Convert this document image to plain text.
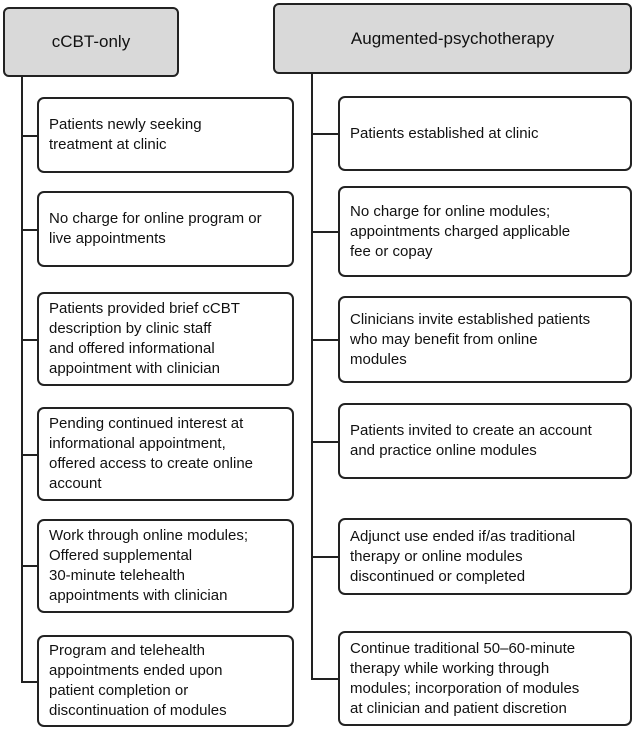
cCBT-only
Patients newly seeking
treatment at clinic
No charge for online program or
live appointments
Patients provided brief cCBT
description by clinic staff
and offered informational
appointment with clinician
Pending continued interest at
informational appointment,
offered access to create online
account
Work through online modules;
Offered supplemental
30-minute telehealth
appointments with clinician
Program and telehealth
appointments ended upon
patient completion or
discontinuation of modules
Augmented-psychotherapy
Patients established at clinic
No charge for online modules;
appointments charged applicable
fee or copay
Clinicians invite established patients
who may benefit from online
modules
Patients invited to create an account
and practice online modules
Adjunct use ended if/as traditional
therapy or online modules
discontinued or completed
Continue traditional 50–60-minute
therapy while working through
modules; incorporation of modules
at clinician and patient discretion
